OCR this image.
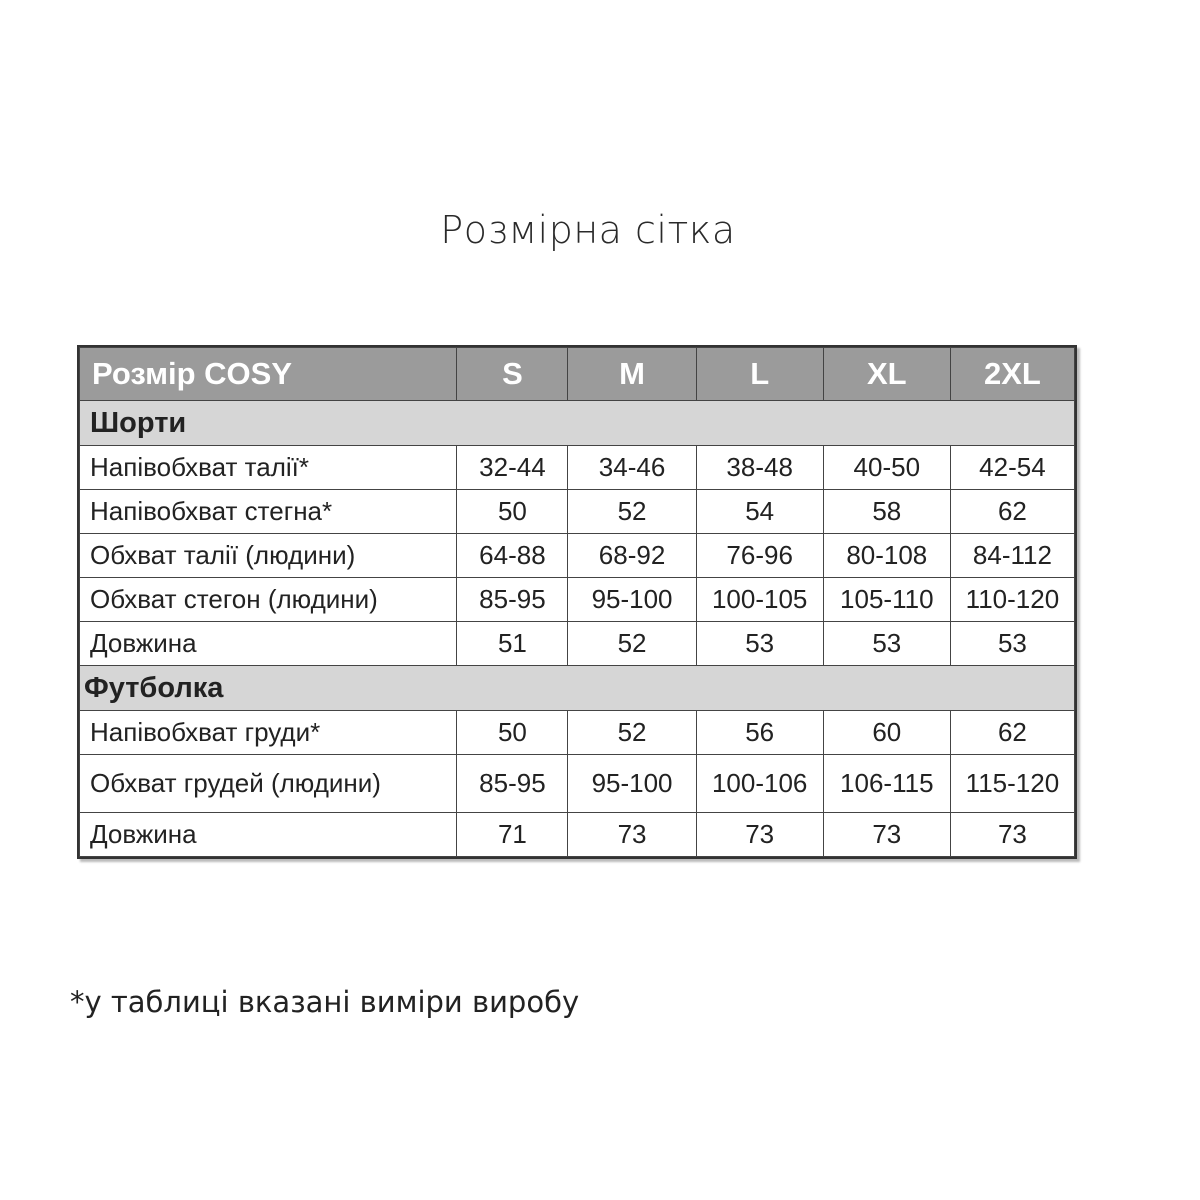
Розмірна сітка
Розмір COSY	S	M	L	XL	2XL
Шорти					
Напівобхват талії*	32-44	34-46	38-48	40-50	42-54
Напівобхват стегна*	50	52	54	58	62
Обхват талії (людини)	64-88	68-92	76-96	80-108	84-112
Обхват стегон (людини)	85-95	95-100	100-105	105-110	110-120
Довжина	51	52	53	53	53
Футболка					
Напівобхват груди*	50	52	56	60	62
Обхват грудей (людини)	85-95	95-100	100-106	106-115	115-120
Довжина	71	73	73	73	73
*у таблиці вказані виміри виробу
